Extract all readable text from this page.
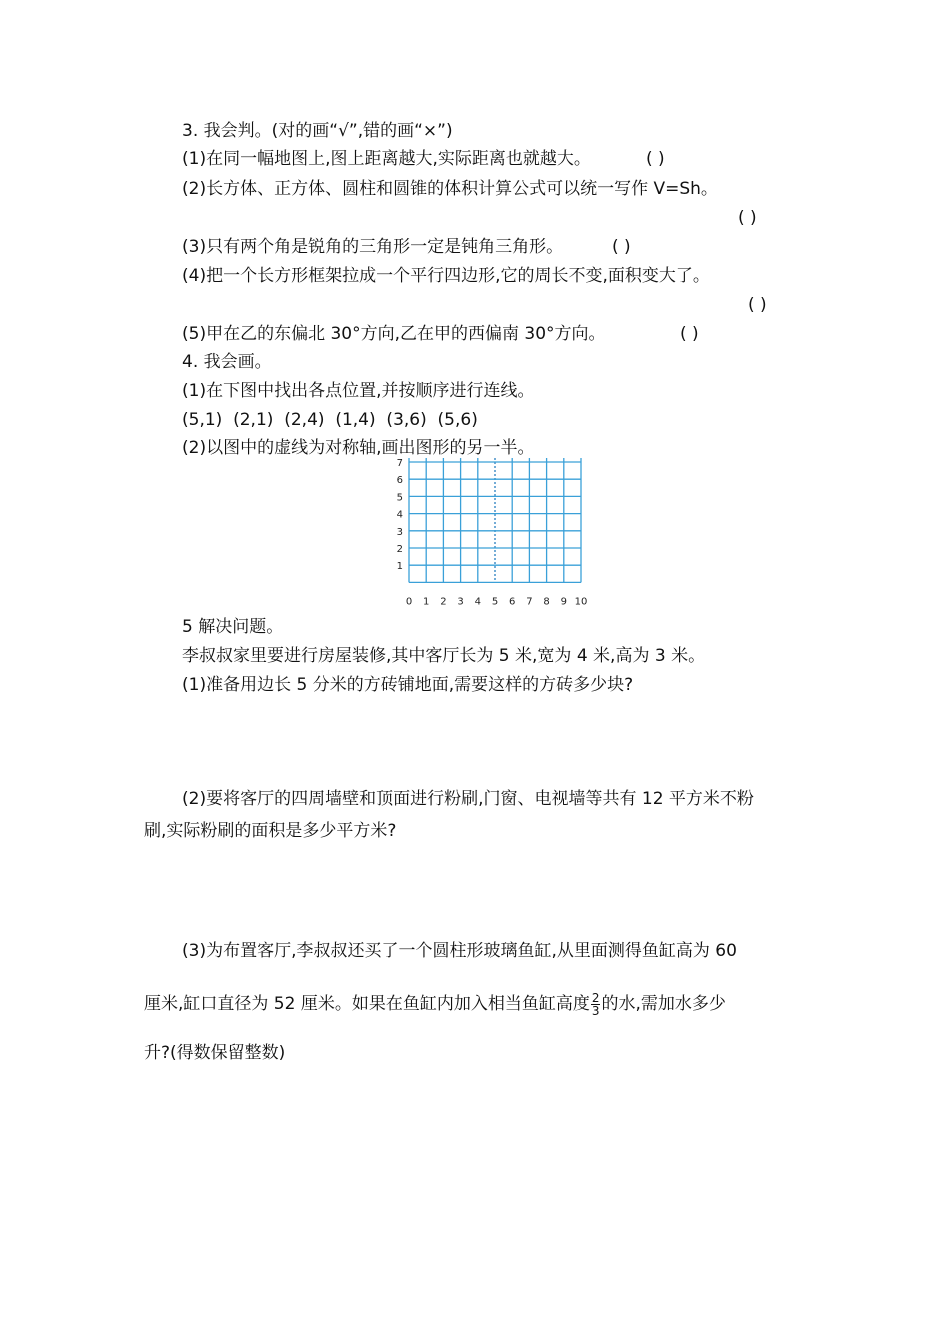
3. 我会判。(对的画“√”,错的画“×”)
(1)在同一幅地图上,图上距离越大,实际距离也就越大。	( )
(2)长方体、正方体、圆柱和圆锥的体积计算公式可以统一写作 V=Sh。
( )
(3)只有两个角是锐角的三角形一定是钝角三角形。	( )
(4)把一个长方形框架拉成一个平行四边形,它的周长不变,面积变大了。
( )
(5)甲在乙的东偏北 30°方向,乙在甲的西偏南 30°方向。	( )
4. 我会画。
(1)在下图中找出各点位置,并按顺序进行连线。
(5,1)  (2,1)  (2,4)  (1,4)  (3,6)  (5,6)
(2)以图中的虚线为对称轴,画出图形的另一半。
0 1 2 3 4 5 6 7 8 9 10
1
2
3
4
5
6
7
5 解决问题。
李叔叔家里要进行房屋装修,其中客厅长为 5 米,宽为 4 米,高为 3 米。
(1)准备用边长 5 分米的方砖铺地面,需要这样的方砖多少块?
(2)要将客厅的四周墙壁和顶面进行粉刷,门窗、电视墙等共有 12 平方米不粉
刷,实际粉刷的面积是多少平方米?
(3)为布置客厅,李叔叔还买了一个圆柱形玻璃鱼缸,从里面测得鱼缸高为 60
厘米,缸口直径为 52 厘米。如果在鱼缸内加入相当鱼缸高度 $\frac{2}{3}$ 的水,需加水多少
升?(得数保留整数)
